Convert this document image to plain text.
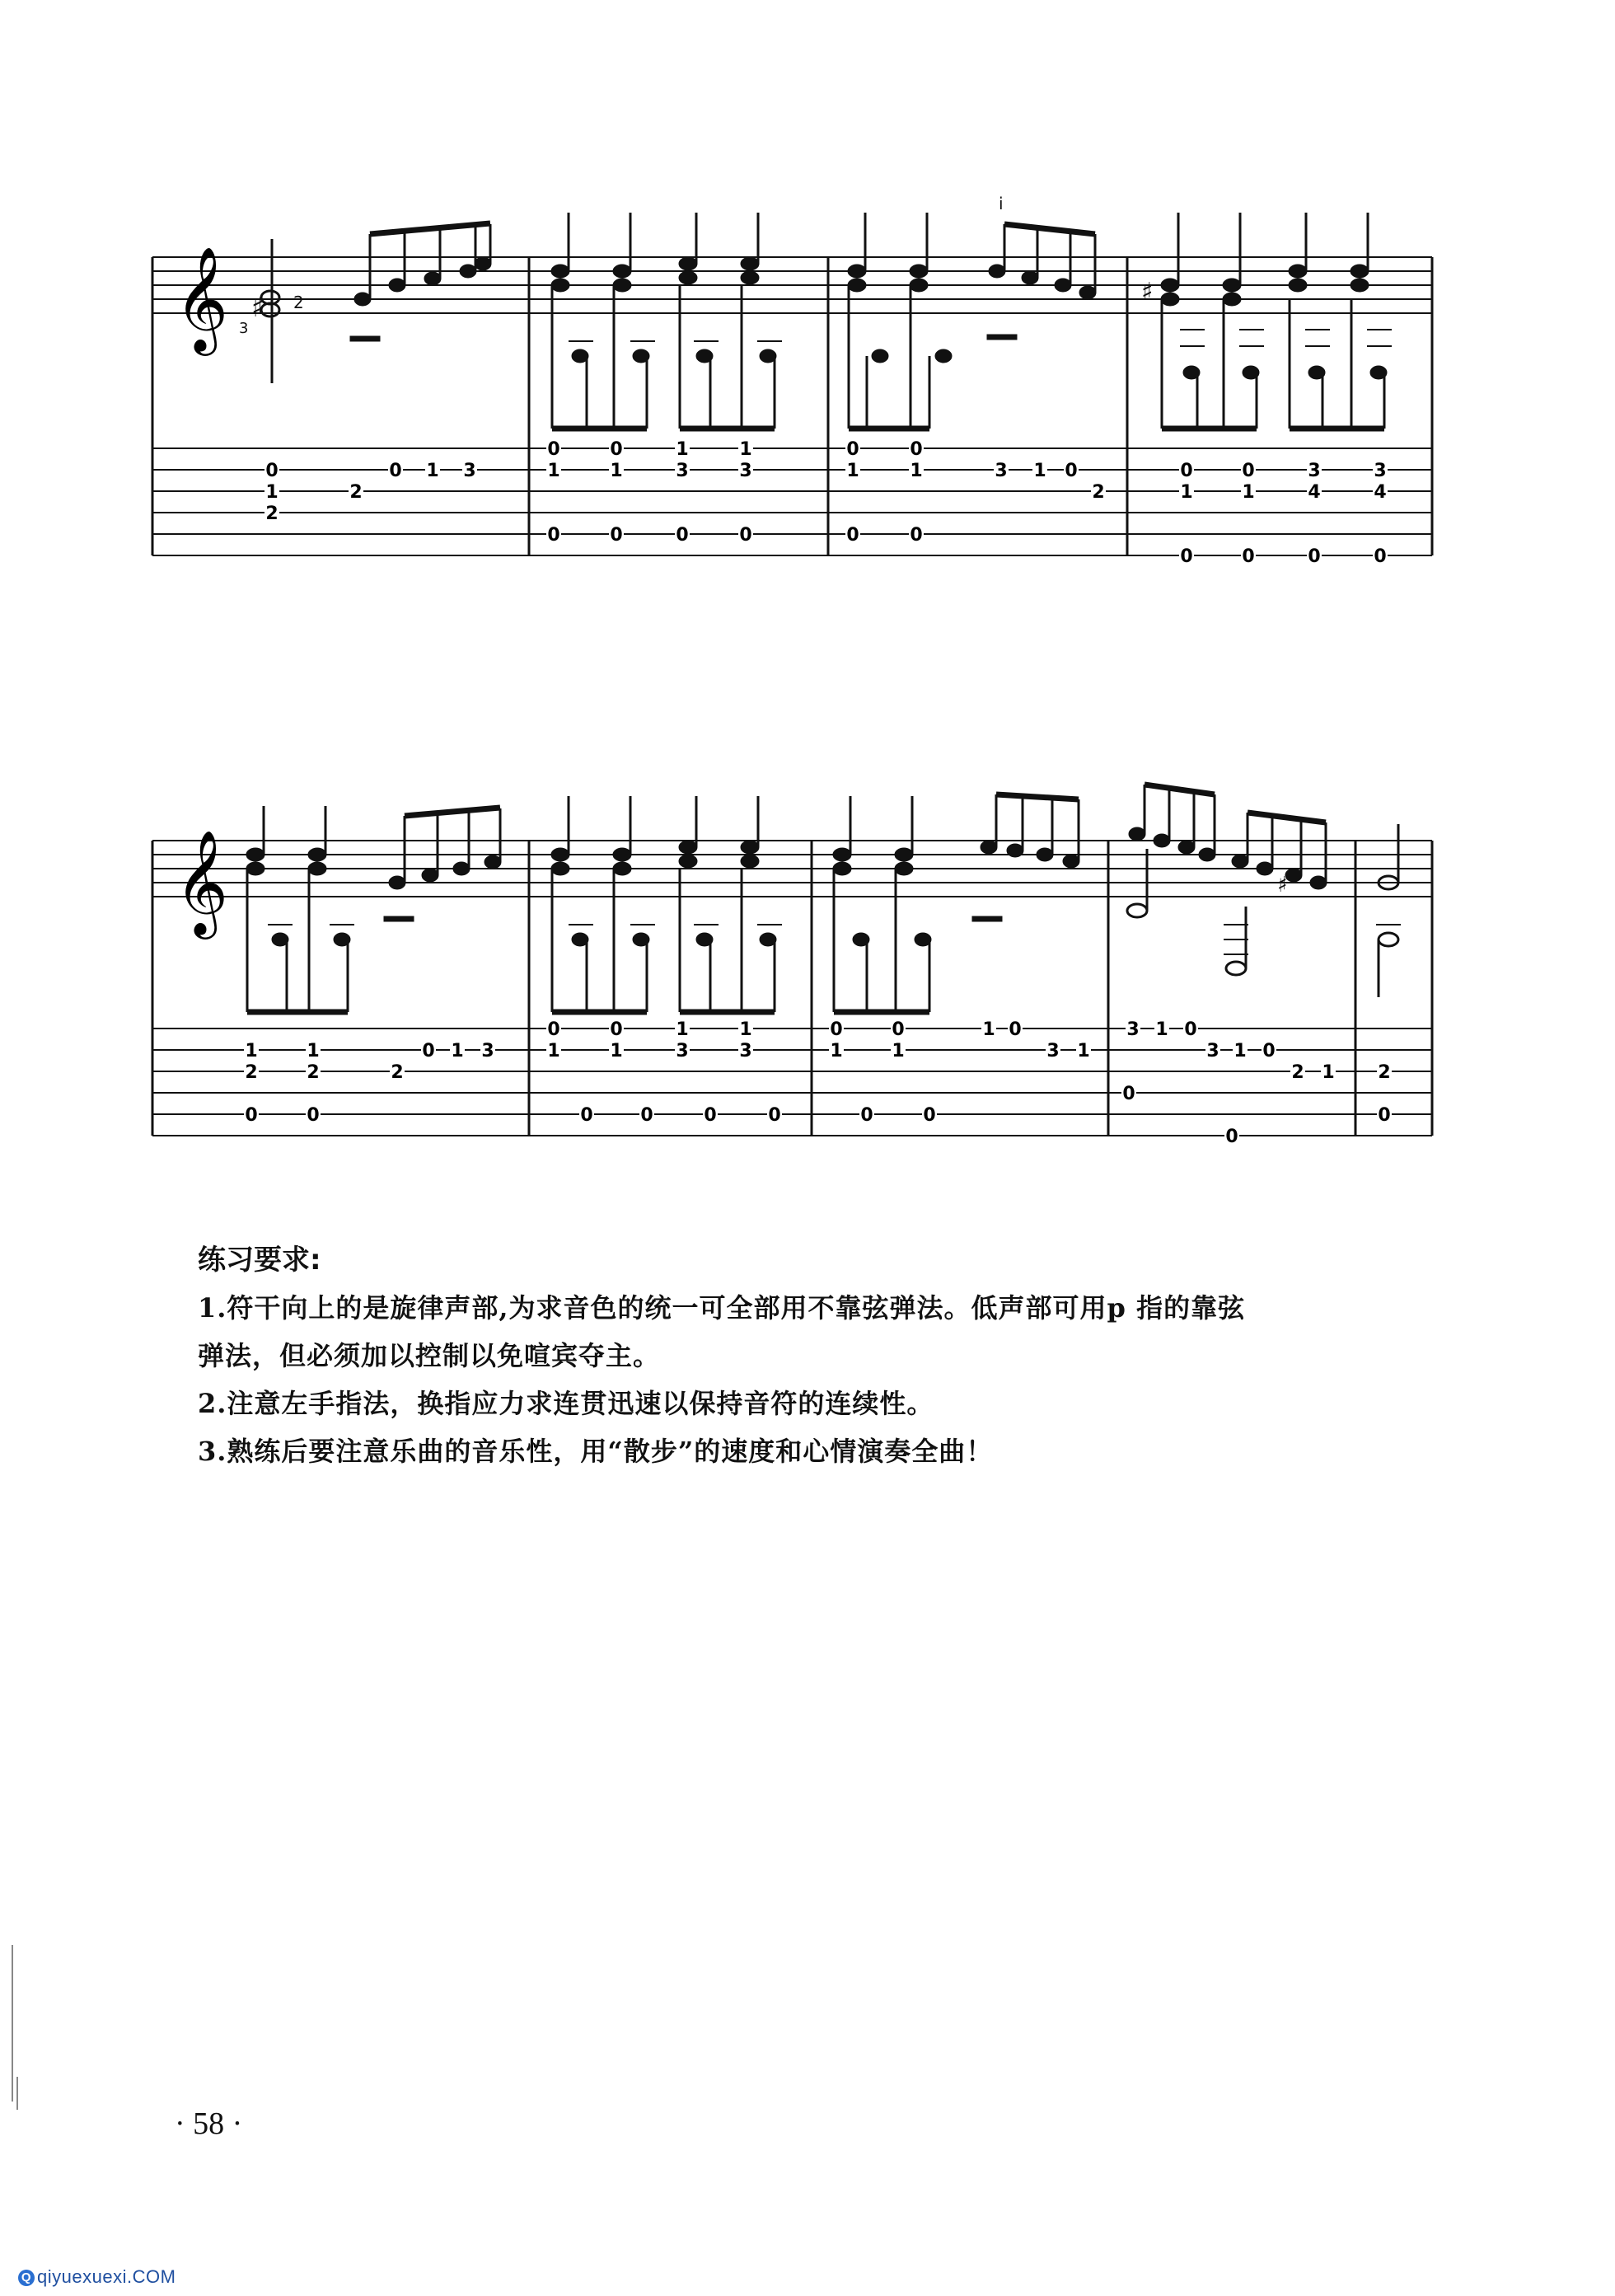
𝄞 3
2
♯
i
♯
0
1
2
2
0 1 3
0
1
0
0
1
0
1
3
0
1
3
0
0
1
0
0
1
0
3 1 0
2
0
1
0
0
1
0
3
4
0
3
4
0
𝄞	♯
1
2
0
1
2
0
2
0 1 3
0
1
0
0
1
0
1
3
0
1
3
0
0
1
0
0
1
0
1 0
3 1
3 1 0
0
3 1 0
2 1
0
2
0
练习要求:

1.符干向上的是旋律声部,为求音色的统一可全部用不靠弦弹法。低声部可用p 指的靠弦

弹法，但必须加以控制以免喧宾夺主。

2.注意左手指法，换指应力求连贯迅速以保持音符的连续性。

3.熟练后要注意乐曲的音乐性，用“散步”的速度和心情演奏全曲！

· 58 ·
Q qiyuexuexi.COM
